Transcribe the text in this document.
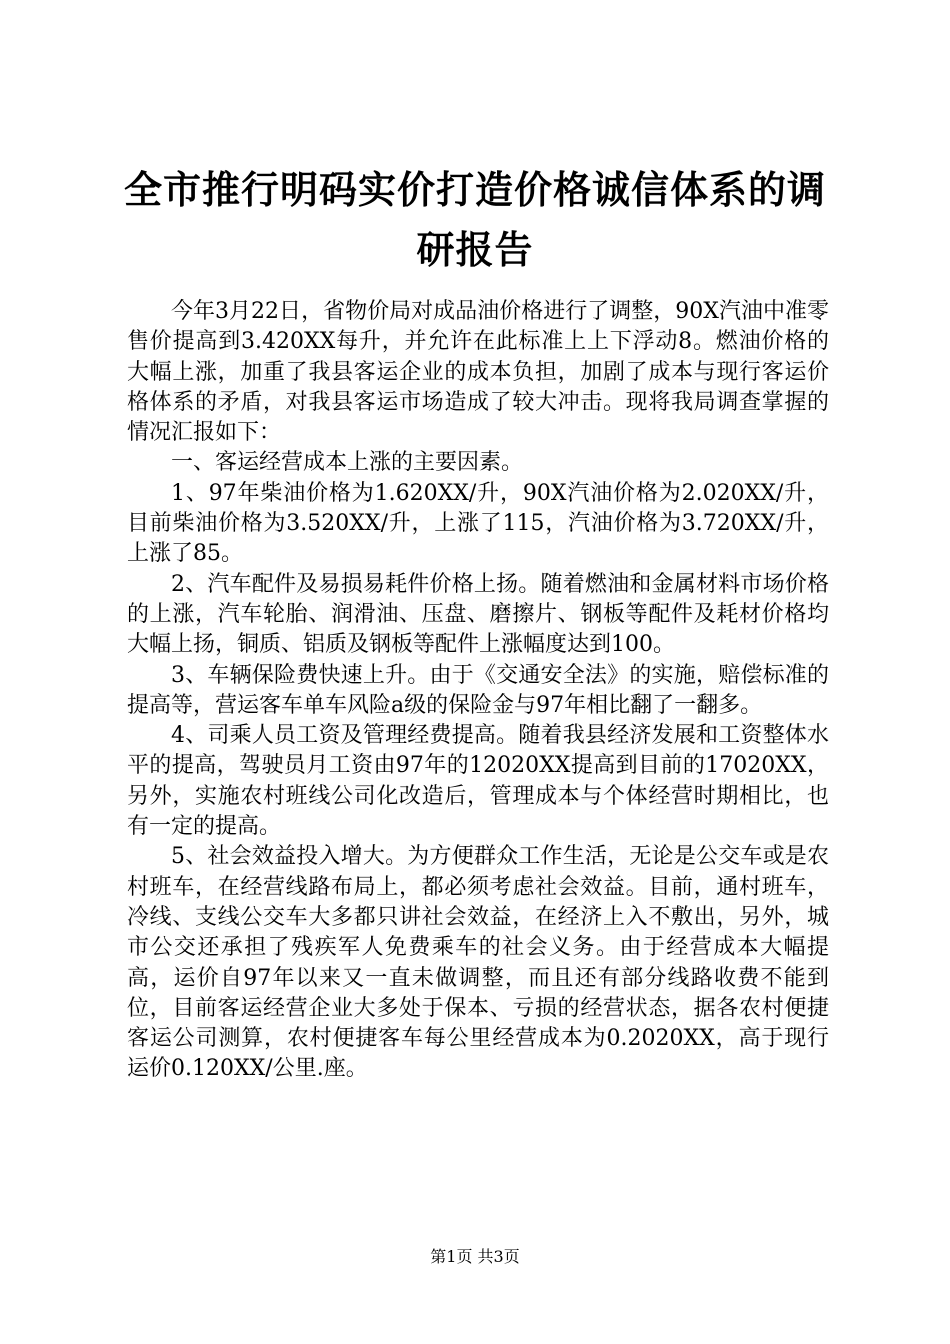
全市推行明码实价打造价格诚信体系的调研报告

今年3月22日，省物价局对成品油价格进行了调整，90X汽油中准零售价提高到3.420XX每升，并允许在此标准上上下浮动8。燃油价格的大幅上涨，加重了我县客运企业的成本负担，加剧了成本与现行客运价格体系的矛盾，对我县客运市场造成了较大冲击。现将我局调查掌握的情况汇报如下：

一、客运经营成本上涨的主要因素。

1、97年柴油价格为1.620XX/升，90X汽油价格为2.020XX/升，目前柴油价格为3.520XX/升，上涨了115，汽油价格为3.720XX/升，上涨了85。

2、汽车配件及易损易耗件价格上扬。随着燃油和金属材料市场价格的上涨，汽车轮胎、润滑油、压盘、磨擦片、钢板等配件及耗材价格均大幅上扬，铜质、铝质及钢板等配件上涨幅度达到100。

3、车辆保险费快速上升。由于《交通安全法》的实施，赔偿标准的提高等，营运客车单车风险a级的保险金与97年相比翻了一翻多。

4、司乘人员工资及管理经费提高。随着我县经济发展和工资整体水平的提高，驾驶员月工资由97年的12020XX提高到目前的17020XX，另外，实施农村班线公司化改造后，管理成本与个体经营时期相比，也有一定的提高。

5、社会效益投入增大。为方便群众工作生活，无论是公交车或是农村班车，在经营线路布局上，都必须考虑社会效益。目前，通村班车，冷线、支线公交车大多都只讲社会效益，在经济上入不敷出，另外，城市公交还承担了残疾军人免费乘车的社会义务。由于经营成本大幅提高，运价自97年以来又一直未做调整，而且还有部分线路收费不能到位，目前客运经营企业大多处于保本、亏损的经营状态，据各农村便捷客运公司测算，农村便捷客车每公里经营成本为0.2020XX，高于现行运价0.120XX/公里.座。

第1页 共3页
